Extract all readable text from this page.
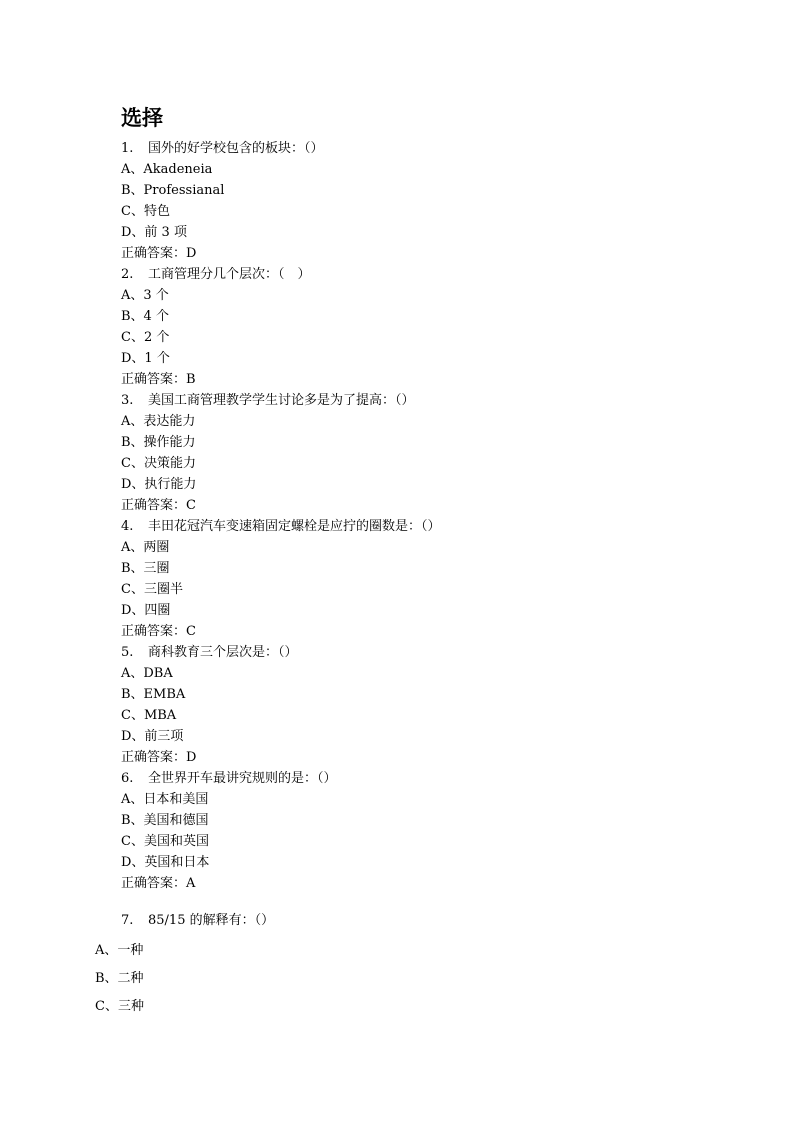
选择
1. 国外的好学校包含的板块：（）
A、Akadeneia
B、Professianal
C、特色
D、前 3 项
正确答案：D
2. 工商管理分几个层次：（　）
A、3 个
B、4 个
C、2 个
D、1 个
正确答案：B
3. 美国工商管理教学学生讨论多是为了提高：（）
A、表达能力
B、操作能力
C、决策能力
D、执行能力
正确答案：C
4. 丰田花冠汽车变速箱固定螺栓是应拧的圈数是：（）
A、两圈
B、三圈
C、三圈半
D、四圈
正确答案：C
5. 商科教育三个层次是：（）
A、DBA
B、EMBA
C、MBA
D、前三项
正确答案：D
6. 全世界开车最讲究规则的是：（）
A、日本和美国
B、美国和德国
C、美国和英国
D、英国和日本
正确答案：A
7. 85/15 的解释有：（）
A、一种
B、二种
C、三种
